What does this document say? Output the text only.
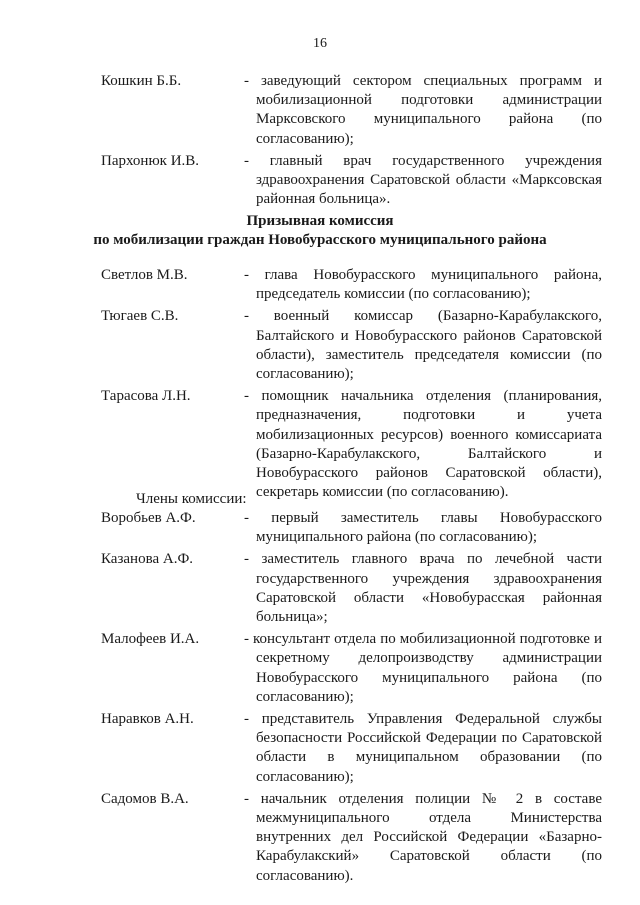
16
Кошкин Б.Б.	- заведующий сектором специальных программ и мобилизационной подготовки администрации Марксовского муниципального района (по согласованию);
Пархонюк И.В.	- главный врач государственного учреждения здравоохранения Саратовской области «Марксовская районная больница».
Призывная комиссия
по мобилизации граждан Новобурасского муниципального района
Светлов М.В.	- глава Новобурасского муниципального района, председатель комиссии (по согласованию);
Тюгаев С.В.	- военный комиссар (Базарно-Карабулакского, Балтайского и Новобурасского районов Саратовской области), заместитель председателя комиссии (по согласованию);
Тарасова Л.Н.	- помощник начальника отделения (планирования, предназначения, подготовки и учета мобилизационных ресурсов) военного комиссариата (Базарно-Карабулакского, Балтайского и Новобурасского районов Саратовской области), секретарь комиссии (по согласованию).
Члены комиссии:
Воробьев А.Ф.	- первый заместитель главы Новобурасского муниципального района (по согласованию);
Казанова А.Ф.	- заместитель главного врача по лечебной части государственного учреждения здравоохранения Саратовской области «Новобурасская районная больница»;
Малофеев И.А.	- консультант отдела по мобилизационной подготовке и секретному делопроизводству администрации Новобурасского муниципального района (по согласованию);
Наравков А.Н.	- представитель Управления Федеральной службы безопасности Российской Федерации по Саратовской области в муниципальном образовании (по согласованию);
Садомов В.А.	- начальник отделения полиции № 2 в составе межмуниципального отдела Министерства внутренних дел Российской Федерации «Базарно-Карабулакский» Саратовской области (по согласованию).
